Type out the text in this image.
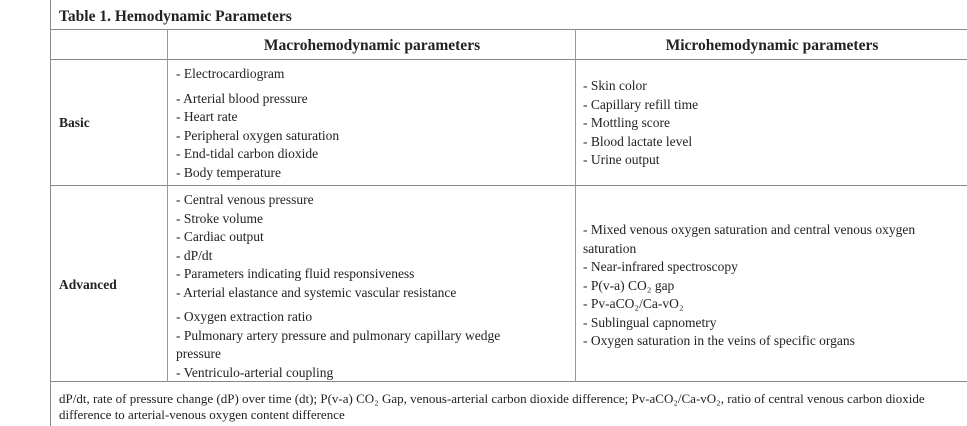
Table 1. Hemodynamic Parameters
Macrohemodynamic parameters	Microhemodynamic parameters
Basic
- Electrocardiogram
- Arterial blood pressure
- Heart rate
- Peripheral oxygen saturation
- End-tidal carbon dioxide
- Body temperature
- Skin color
- Capillary refill time
- Mottling score
- Blood lactate level
- Urine output
Advanced
- Central venous pressure
- Stroke volume
- Cardiac output
- dP/dt
- Parameters indicating fluid responsiveness
- Arterial elastance and systemic vascular resistance
- Oxygen extraction ratio
- Pulmonary artery pressure and pulmonary capillary wedge
pressure
- Ventriculo-arterial coupling
- Mixed venous oxygen saturation and central venous oxygen
saturation
- Near-infrared spectroscopy
- P(v-a) CO₂ gap
- Pv-aCO₂/Ca-vO₂
- Sublingual capnometry
- Oxygen saturation in the veins of specific organs
dP/dt, rate of pressure change (dP) over time (dt); P(v-a) CO₂ Gap, venous-arterial carbon dioxide difference; Pv-aCO₂/Ca-vO₂, ratio of central venous carbon dioxide difference to arterial-venous oxygen content difference
